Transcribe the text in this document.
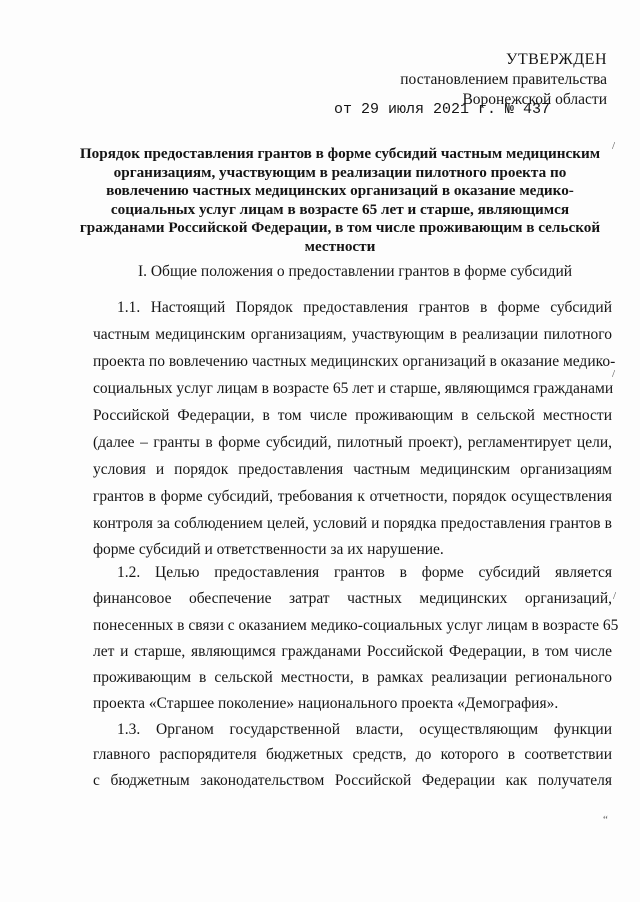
УТВЕРЖДЕН
постановлением правительства
Воронежской области
от 29 июля 2021 г. № 437
Порядок предоставления грантов в форме субсидий частным медицинским
организациям, участвующим в реализации пилотного проекта по
вовлечению частных медицинских организаций в оказание медико-
социальных услуг лицам в возрасте 65 лет и старше, являющимся
гражданами Российской Федерации, в том числе проживающим в сельской
местности
I. Общие положения о предоставлении грантов в форме субсидий
1.1. Настоящий Порядок предоставления грантов в форме субсидий
частным медицинским организациям, участвующим в реализации пилотного
проекта по вовлечению частных медицинских организаций в оказание медико-
социальных услуг лицам в возрасте 65 лет и старше, являющимся гражданами
Российской Федерации, в том числе проживающим в сельской местности
(далее – гранты в форме субсидий, пилотный проект), регламентирует цели,
условия и порядок предоставления частным медицинским организациям
грантов в форме субсидий, требования к отчетности, порядок осуществления
контроля за соблюдением целей, условий и порядка предоставления грантов в
форме субсидий и ответственности за их нарушение.
1.2. Целью предоставления грантов в форме субсидий является
финансовое обеспечение затрат частных медицинских организаций,
понесенных в связи с оказанием медико-социальных услуг лицам в возрасте 65
лет и старше, являющимся гражданами Российской Федерации, в том числе
проживающим в сельской местности, в рамках реализации регионального
проекта «Старшее поколение» национального проекта «Демография».
1.3. Органом государственной власти, осуществляющим функции
главного распорядителя бюджетных средств, до которого в соответствии
с бюджетным законодательством Российской Федерации как получателя
/
/
/
“
